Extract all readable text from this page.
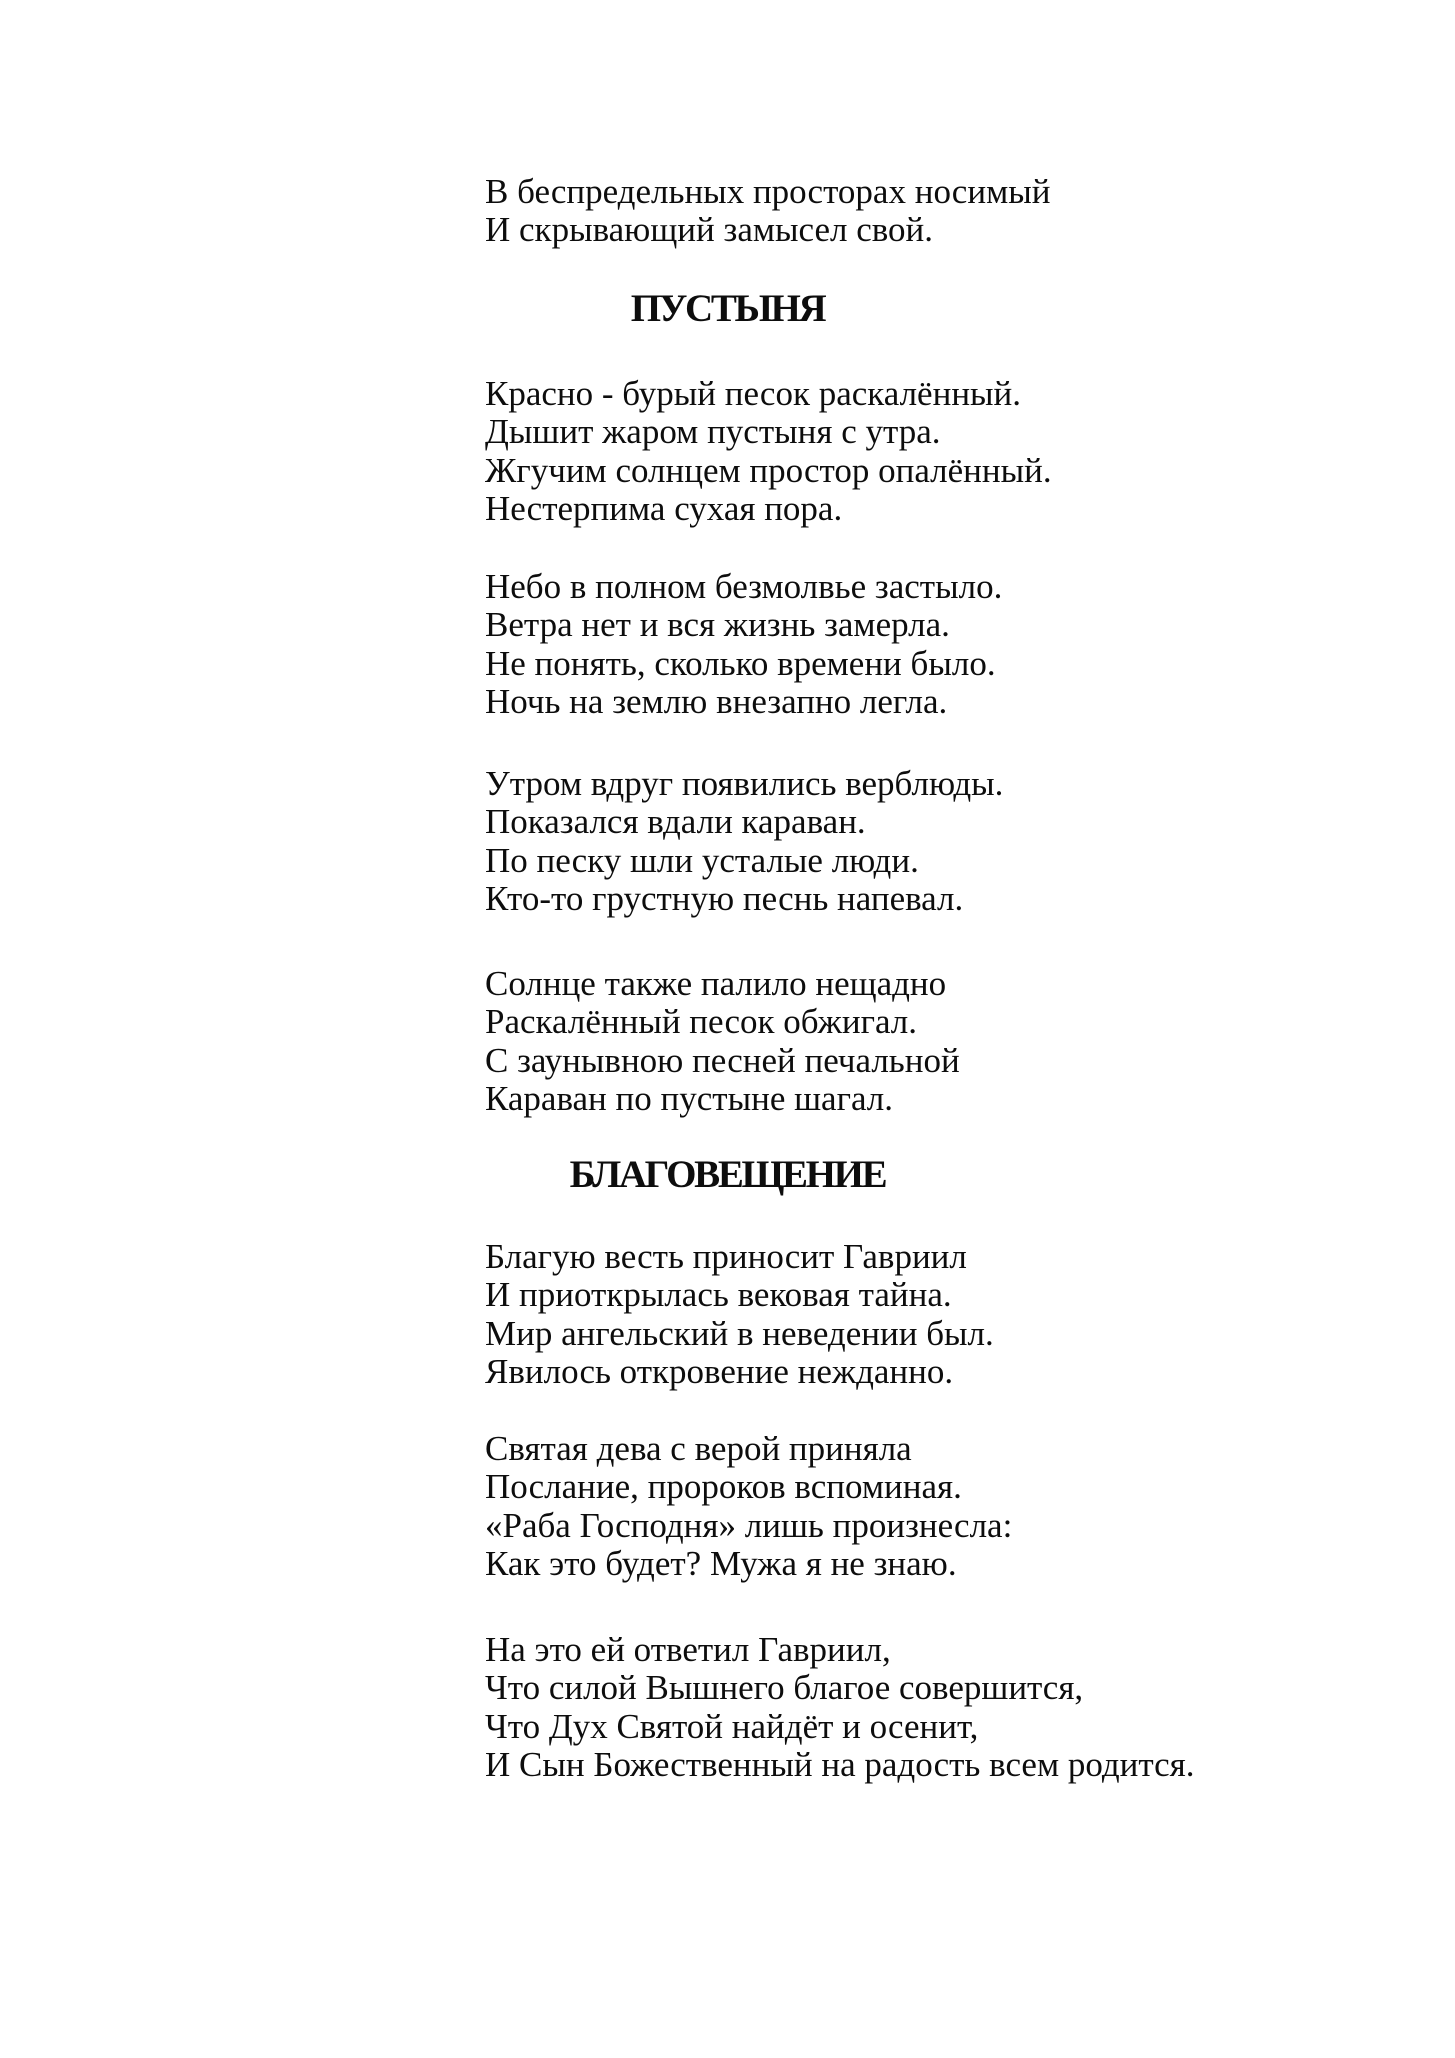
В беспредельных просторах носимый
И скрывающий замысел свой.
ПУСТЫНЯ
Красно - бурый песок раскалённый.
Дышит жаром пустыня с утра.
Жгучим солнцем простор опалённый.
Нестерпима сухая пора.
Небо в полном безмолвье застыло.
Ветра нет и вся жизнь замерла.
Не понять, сколько времени было.
Ночь на землю внезапно легла.
Утром вдруг появились верблюды.
Показался вдали караван.
По песку шли усталые люди.
Кто-то грустную песнь напевал.
Солнце также палило нещадно
Раскалённый песок обжигал.
С заунывною песней печальной
Караван по пустыне шагал.
БЛАГОВЕЩЕНИЕ
Благую весть приносит Гавриил
И приоткрылась вековая тайна.
Мир ангельский в неведении был.
Явилось откровение нежданно.
Святая дева с верой приняла
Послание, пророков вспоминая.
«Раба Господня» лишь произнесла:
Как это будет? Мужа я не знаю.
На это ей ответил Гавриил,
Что силой Вышнего благое совершится,
Что Дух Святой найдёт и осенит,
И Сын Божественный на радость всем родится.
